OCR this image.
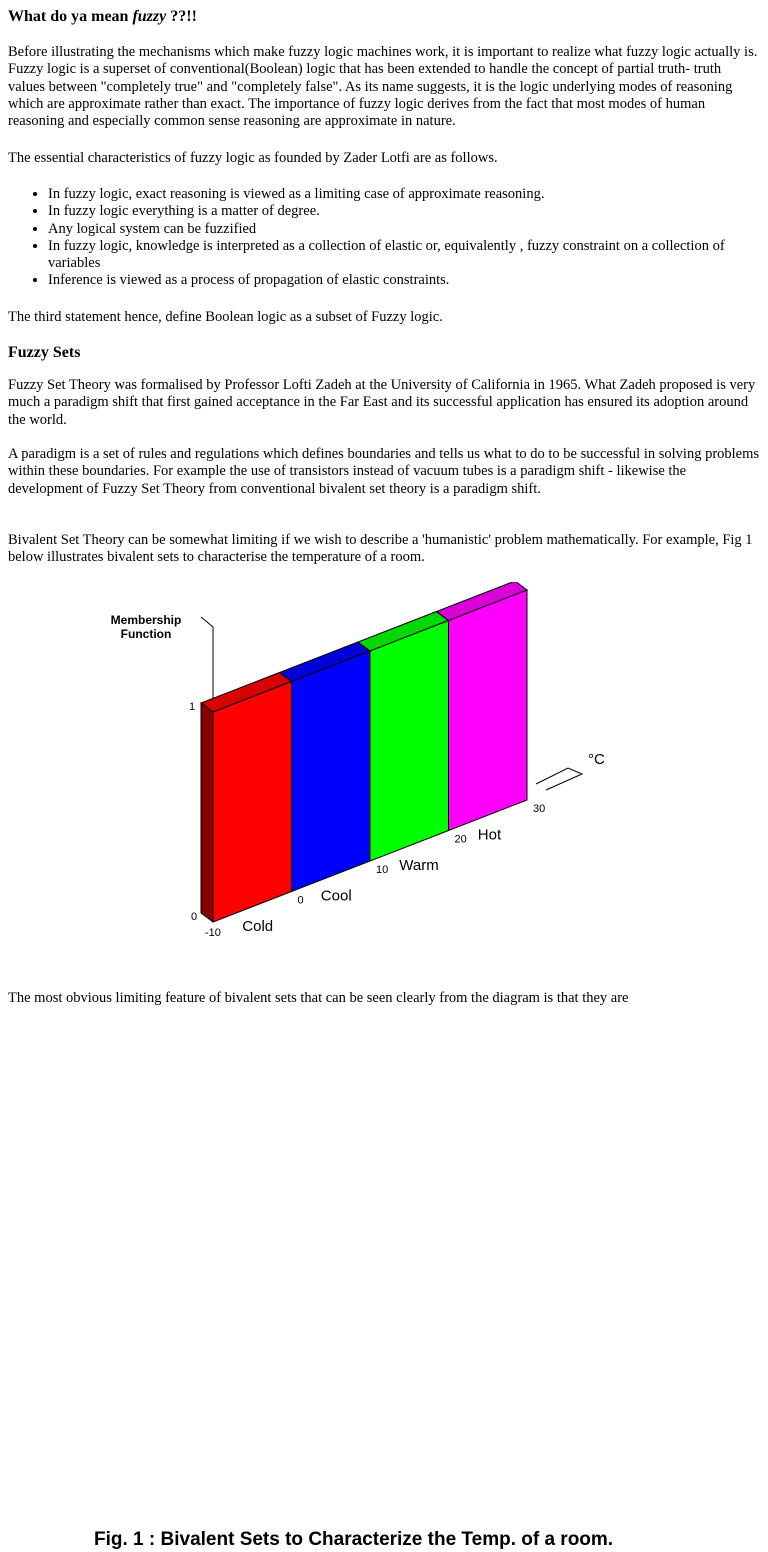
What do ya mean fuzzy ??!!

Before illustrating the mechanisms which make fuzzy logic machines work, it is important to realize what fuzzy logic actually is. Fuzzy logic is a superset of conventional(Boolean) logic that has been extended to handle the concept of partial truth- truth values between "completely true" and "completely false". As its name suggests, it is the logic underlying modes of reasoning which are approximate rather than exact. The importance of fuzzy logic derives from the fact that most modes of human reasoning and especially common sense reasoning are approximate in nature.

The essential characteristics of fuzzy logic as founded by Zader Lotfi are as follows.

• In fuzzy logic, exact reasoning is viewed as a limiting case of approximate reasoning.
• In fuzzy logic everything is a matter of degree.
• Any logical system can be fuzzified
• In fuzzy logic, knowledge is interpreted as a collection of elastic or, equivalently , fuzzy constraint on a collection of variables
• Inference is viewed as a process of propagation of elastic constraints.

The third statement hence, define Boolean logic as a subset of Fuzzy logic.

Fuzzy Sets

Fuzzy Set Theory was formalised by Professor Lofti Zadeh at the University of California in 1965. What Zadeh proposed is very much a paradigm shift that first gained acceptance in the Far East and its successful application has ensured its adoption around the world.

A paradigm is a set of rules and regulations which defines boundaries and tells us what to do to be successful in solving problems within these boundaries. For example the use of transistors instead of vacuum tubes is a paradigm shift - likewise the development of Fuzzy Set Theory from conventional bivalent set theory is a paradigm shift.

Bivalent Set Theory can be somewhat limiting if we wish to describe a 'humanistic' problem mathematically. For example, Fig 1 below illustrates bivalent sets to characterise the temperature of a room.

The most obvious limiting feature of bivalent sets that can be seen clearly from the diagram is that they are

Membership
Function
1
0
°C
-10
0
10
20
30
Cold
Cool
Warm
Hot
Fig. 1 : Bivalent Sets to Characterize the Temp. of a room.
